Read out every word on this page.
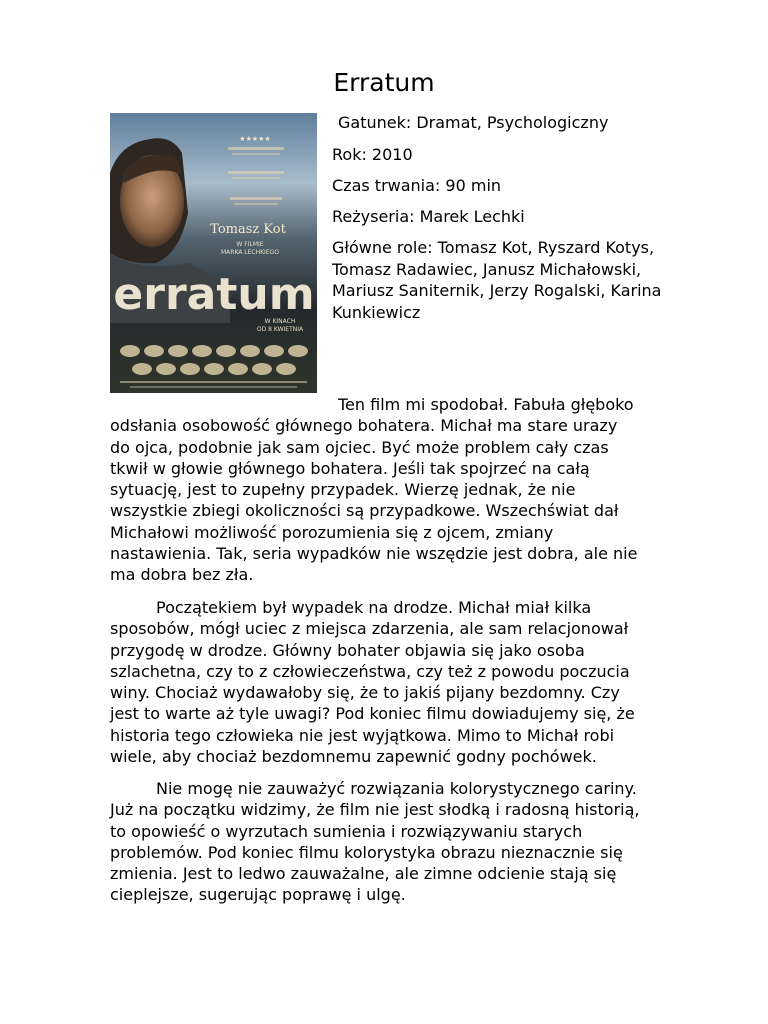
Erratum
★★★★★
Tomasz Kot
W FILMIE
MARKA LECHKIEGO
erratum
W KINACH
OD 8 KWIETNIA

Gatunek: Dramat, Psychologiczny

Rok: 2010

Czas trwania: 90 min

Reżyseria: Marek Lechki

Główne role: Tomasz Kot, Ryszard Kotys,
Tomasz Radawiec, Janusz Michałowski,
Mariusz Saniternik, Jerzy Rogalski, Karina
Kunkiewicz

Ten film mi spodobał. Fabuła głęboko
odsłania osobowość głównego bohatera. Michał ma stare urazy
do ojca, podobnie jak sam ojciec. Być może problem cały czas
tkwił w głowie głównego bohatera. Jeśli tak spojrzeć na całą
sytuację, jest to zupełny przypadek. Wierzę jednak, że nie
wszystkie zbiegi okoliczności są przypadkowe. Wszechświat dał
Michałowi możliwość porozumienia się z ojcem, zmiany
nastawienia. Tak, seria wypadków nie wszędzie jest dobra, ale nie
ma dobra bez zła.

Początekiem był wypadek na drodze. Michał miał kilka
sposobów, mógł uciec z miejsca zdarzenia, ale sam relacjonował
przygodę w drodze. Główny bohater objawia się jako osoba
szlachetna, czy to z człowieczeństwa, czy też z powodu poczucia
winy. Chociaż wydawałoby się, że to jakiś pijany bezdomny. Czy
jest to warte aż tyle uwagi? Pod koniec filmu dowiadujemy się, że
historia tego człowieka nie jest wyjątkowa. Mimo to Michał robi
wiele, aby chociaż bezdomnemu zapewnić godny pochówek.

Nie mogę nie zauważyć rozwiązania kolorystycznego cariny.
Już na początku widzimy, że film nie jest słodką i radosną historią,
to opowieść o wyrzutach sumienia i rozwiązywaniu starych
problemów. Pod koniec filmu kolorystyka obrazu nieznacznie się
zmienia. Jest to ledwo zauważalne, ale zimne odcienie stają się
cieplejsze, sugerując poprawę i ulgę.
